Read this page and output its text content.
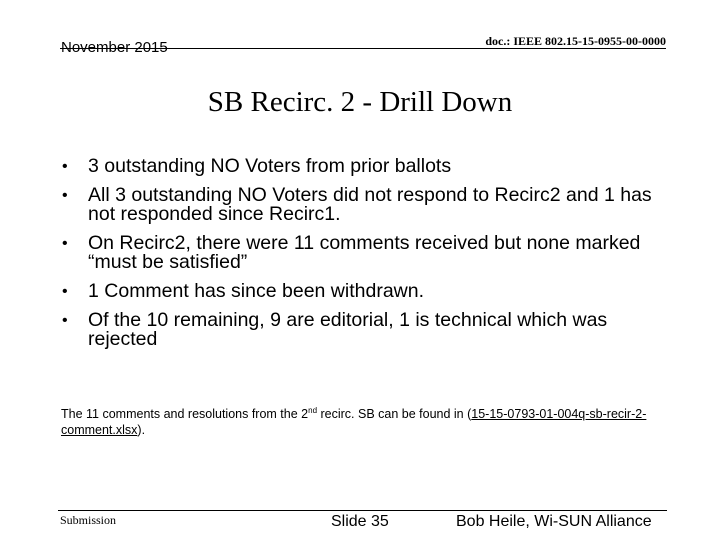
November 2015	doc.: IEEE 802.15-15-0955-00-0000
SB Recirc. 2 - Drill Down
• 3 outstanding NO Voters from prior ballots
• All 3 outstanding NO Voters did not respond to Recirc2 and 1 has not responded since Recirc1.
• On Recirc2, there were 11 comments received but none marked “must be satisfied”
• 1 Comment has since been withdrawn.
• Of the 10 remaining, 9 are editorial, 1 is technical which was rejected
The 11 comments and resolutions from the 2nd recirc. SB can be found in (15-15-0793-01-004q-sb-recir-2-comment.xlsx).
Submission	Slide 35	Bob Heile, Wi-SUN Alliance
